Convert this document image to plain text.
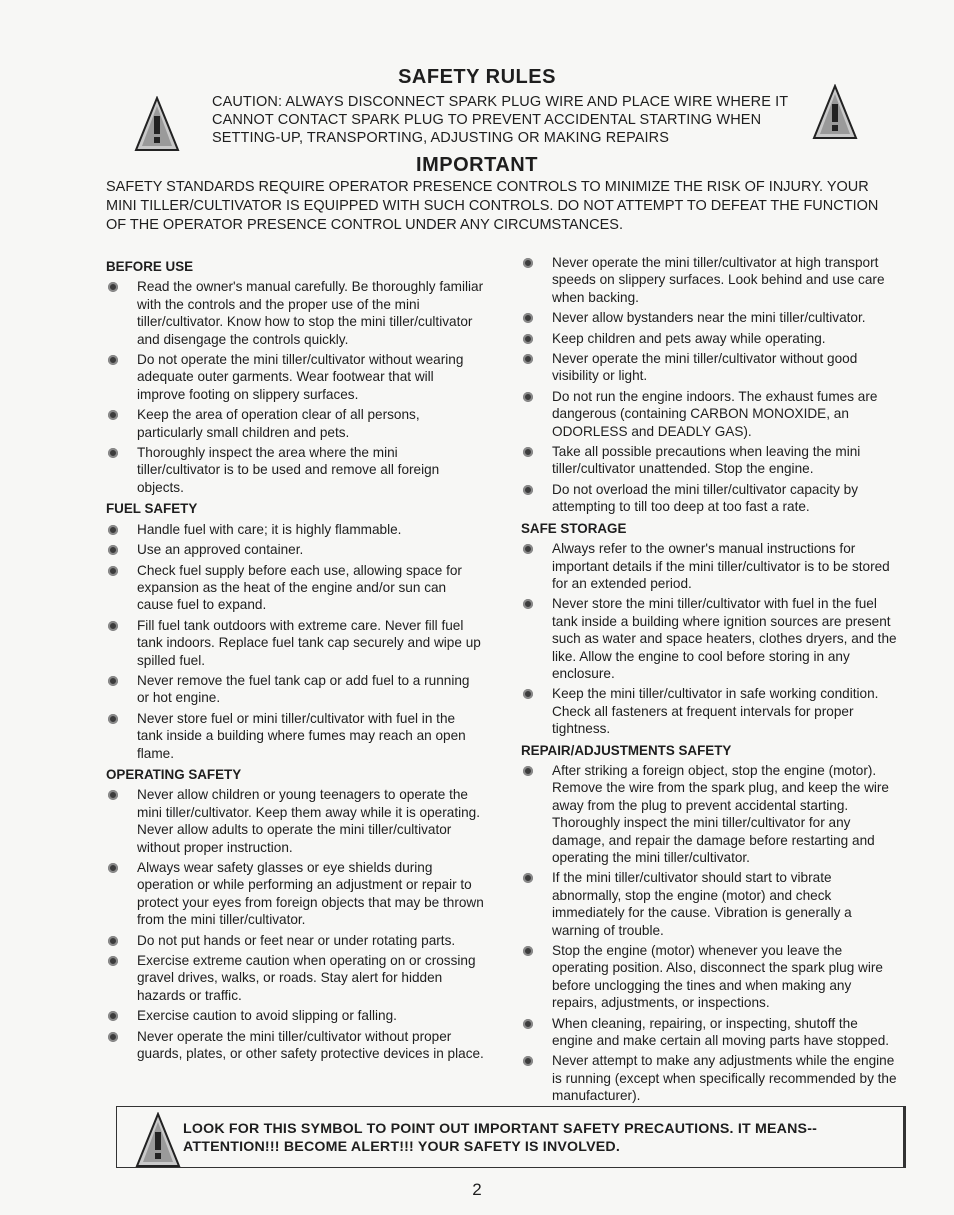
SAFETY RULES
CAUTION: ALWAYS DISCONNECT SPARK PLUG WIRE AND PLACE WIRE WHERE IT CANNOT CONTACT SPARK PLUG TO PREVENT ACCIDENTAL STARTING WHEN SETTING-UP, TRANSPORTING, ADJUSTING OR MAKING REPAIRS
IMPORTANT
SAFETY STANDARDS REQUIRE OPERATOR PRESENCE CONTROLS TO MINIMIZE THE RISK OF INJURY. YOUR MINI TILLER/CULTIVATOR IS EQUIPPED WITH SUCH CONTROLS. DO NOT ATTEMPT TO DEFEAT THE FUNCTION OF THE OPERATOR PRESENCE CONTROL UNDER ANY CIRCUMSTANCES.
BEFORE USE
Read the owner's manual carefully. Be thoroughly familiar with the controls and the proper use of the mini tiller/cultivator. Know how to stop the mini tiller/cultivator and disengage the controls quickly.
Do not operate the mini tiller/cultivator without wearing adequate outer garments. Wear footwear that will improve footing on slippery surfaces.
Keep the area of operation clear of all persons, particularly small children and pets.
Thoroughly inspect the area where the mini tiller/cultivator is to be used and remove all foreign objects.
FUEL SAFETY
Handle fuel with care; it is highly flammable.
Use an approved container.
Check fuel supply before each use, allowing space for expansion as the heat of the engine and/or sun can cause fuel to expand.
Fill fuel tank outdoors with extreme care. Never fill fuel tank indoors. Replace fuel tank cap securely and wipe up spilled fuel.
Never remove the fuel tank cap or add fuel to a running or hot engine.
Never store fuel or mini tiller/cultivator with fuel in the tank inside a building where fumes may reach an open flame.
OPERATING SAFETY
Never allow children or young teenagers to operate the mini tiller/cultivator. Keep them away while it is operating. Never allow adults to operate the mini tiller/cultivator without proper instruction.
Always wear safety glasses or eye shields during operation or while performing an adjustment or repair to protect your eyes from foreign objects that may be thrown from the mini tiller/cultivator.
Do not put hands or feet near or under rotating parts.
Exercise extreme caution when operating on or crossing gravel drives, walks, or roads. Stay alert for hidden hazards or traffic.
Exercise caution to avoid slipping or falling.
Never operate the mini tiller/cultivator without proper guards, plates, or other safety protective devices in place.
Never operate the mini tiller/cultivator at high transport speeds on slippery surfaces. Look behind and use care when backing.
Never allow bystanders near the mini tiller/cultivator.
Keep children and pets away while operating.
Never operate the mini tiller/cultivator without good visibility or light.
Do not run the engine indoors. The exhaust fumes are dangerous (containing CARBON MONOXIDE, an ODORLESS and DEADLY GAS).
Take all possible precautions when leaving the mini tiller/cultivator unattended. Stop the engine.
Do not overload the mini tiller/cultivator capacity by attempting to till too deep at too fast a rate.
SAFE STORAGE
Always refer to the owner's manual instructions for important details if the mini tiller/cultivator is to be stored for an extended period.
Never store the mini tiller/cultivator with fuel in the fuel tank inside a building where ignition sources are present such as water and space heaters, clothes dryers, and the like. Allow the engine to cool before storing in any enclosure.
Keep the mini tiller/cultivator in safe working condition. Check all fasteners at frequent intervals for proper tightness.
REPAIR/ADJUSTMENTS SAFETY
After striking a foreign object, stop the engine (motor). Remove the wire from the spark plug, and keep the wire away from the plug to prevent accidental starting. Thoroughly inspect the mini tiller/cultivator for any damage, and repair the damage before restarting and operating the mini tiller/cultivator.
If the mini tiller/cultivator should start to vibrate abnormally, stop the engine (motor) and check immediately for the cause. Vibration is generally a warning of trouble.
Stop the engine (motor) whenever you leave the operating position. Also, disconnect the spark plug wire before unclogging the tines and when making any repairs, adjustments, or inspections.
When cleaning, repairing, or inspecting, shutoff the engine and make certain all moving parts have stopped.
Never attempt to make any adjustments while the engine is running (except when specifically recommended by the manufacturer).
LOOK FOR THIS SYMBOL TO POINT OUT IMPORTANT SAFETY PRECAUTIONS. IT MEANS-- ATTENTION!!! BECOME ALERT!!! YOUR SAFETY IS INVOLVED.
2
